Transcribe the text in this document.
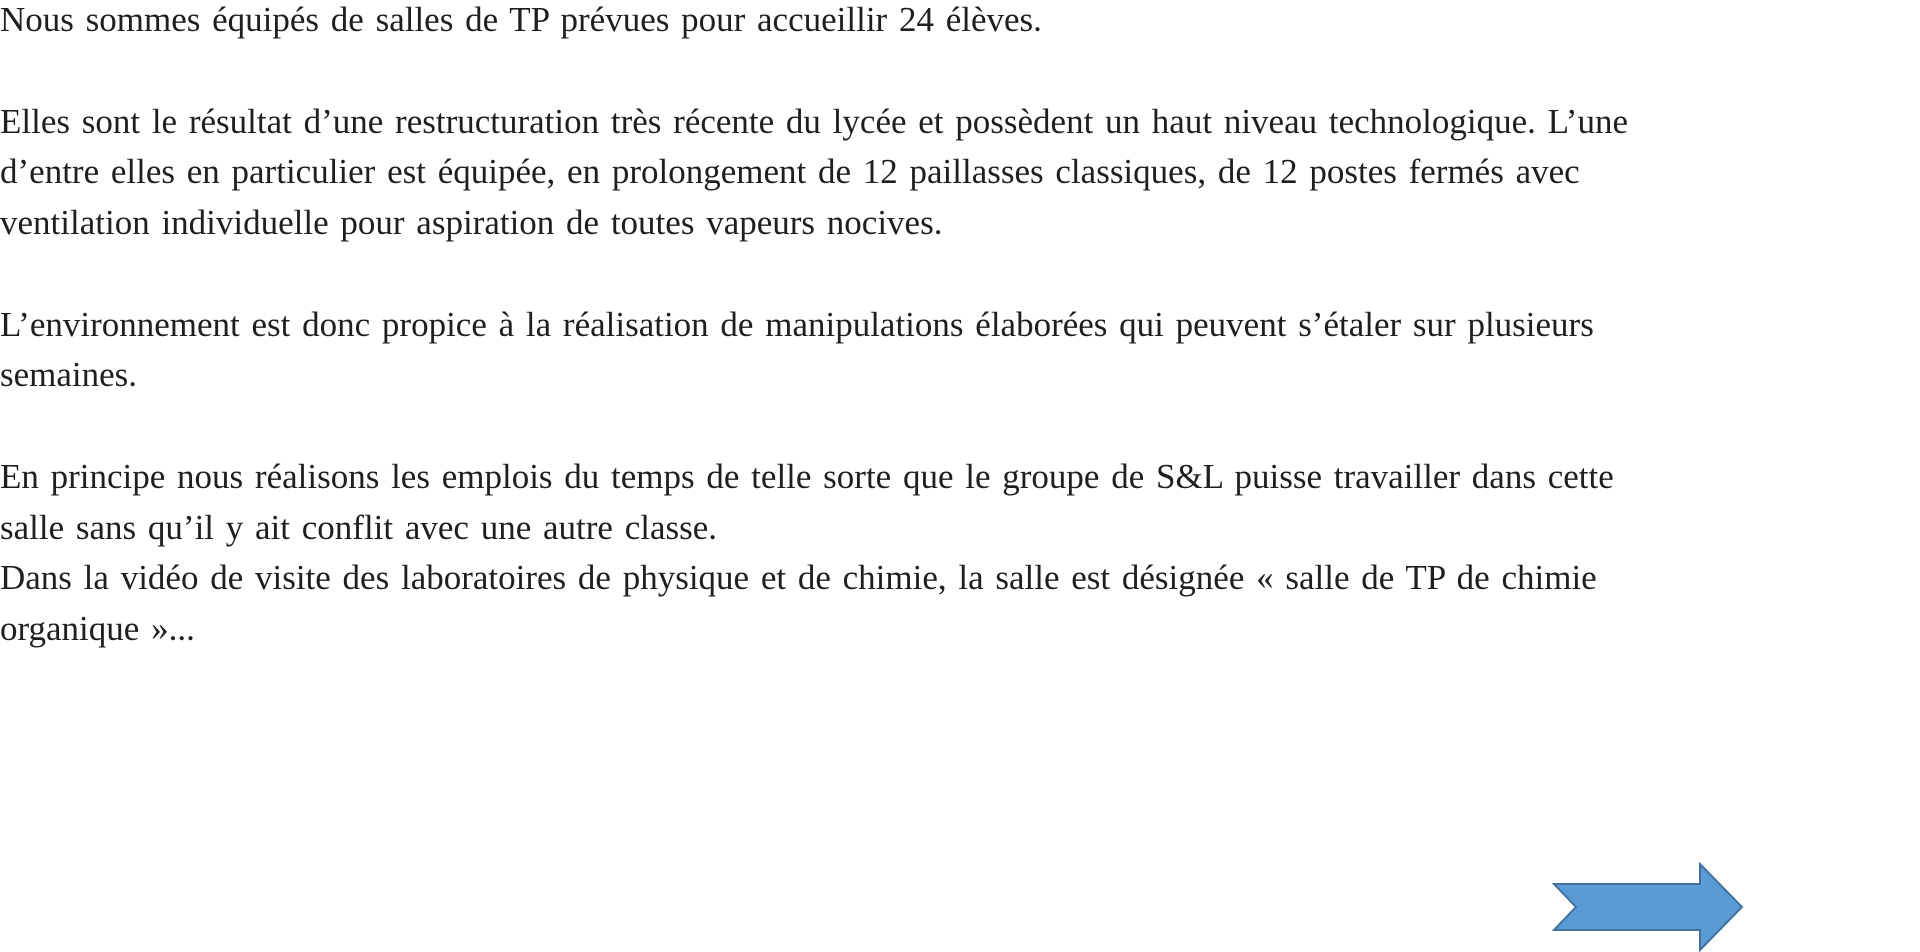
Nous sommes équipés de salles de TP prévues pour accueillir 24 élèves.

Elles sont le résultat d’une restructuration très récente du lycée et possèdent un haut niveau technologique. L’une

d’entre elles en particulier est équipée, en prolongement de 12 paillasses classiques, de 12 postes fermés avec

ventilation individuelle pour aspiration de toutes vapeurs nocives.

L’environnement est donc propice à la réalisation de manipulations élaborées qui peuvent s’étaler sur plusieurs

semaines.

En principe nous réalisons les emplois du temps de telle sorte que le groupe de S&L puisse travailler dans cette

salle sans qu’il y ait conflit avec une autre classe.

Dans la vidéo de visite des laboratoires de physique et de chimie, la salle est désignée « salle de TP de chimie

organique »...
